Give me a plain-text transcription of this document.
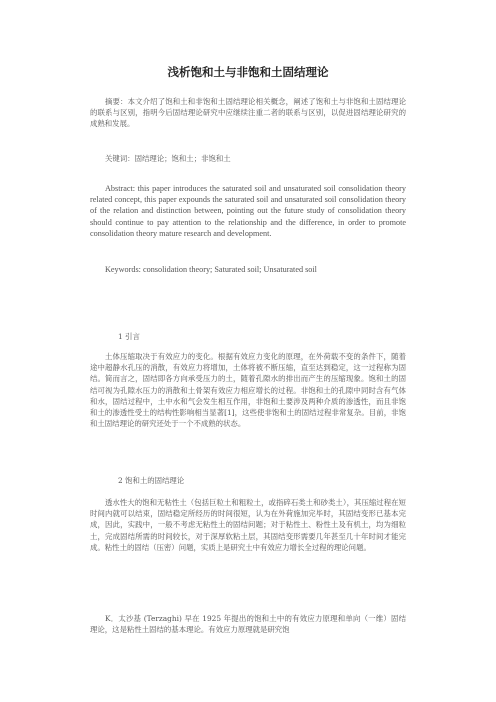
浅析饱和土与非饱和土固结理论

摘要：本文介绍了饱和土和非饱和土固结理论相关概念，阐述了饱和土与非饱和土固结理论的联系与区别，指明今后固结理论研究中应继续注重二者的联系与区别，以促进固结理论研究的成熟和发展。

关键词：固结理论；饱和土；非饱和土

Abstract: this paper introduces the saturated soil and unsaturated soil consolidation theory related concept, this paper expounds the saturated soil and unsaturated soil consolidation theory of the relation and distinction between, pointing out the future study of consolidation theory should continue to pay attention to the relationship and the difference, in order to promote consolidation theory mature research and development.

Keywords: consolidation theory; Saturated soil; Unsaturated soil

1 引言

土体压缩取决于有效应力的变化。根据有效应力变化的原理，在外荷载不变的条件下，随着途中超静水孔压的消散，有效应力将增加，土体将被不断压缩，直至达到稳定，这一过程称为固结。简而言之，固结即各方向承受压力的土，随着孔隙水的排出而产生的压缩现象。饱和土的固结可视为孔隙水压力的消散和土骨架有效应力相应增长的过程。非饱和土的孔隙中同时含有气体和水，固结过程中，土中水和气会发生相互作用，非饱和土要涉及两种介质的渗透性，而且非饱和土的渗透性受土的结构性影响相当显著[1]，这些使非饱和土的固结过程非常复杂。目前，非饱和土固结理论的研究还处于一个不成熟的状态。

2 饱和土的固结理论

透水性大的饱和无粘性土（包括巨粒土和粗粒土，或指碎石类土和砂类土），其压缩过程在短时间内就可以结束，固结稳定所经历的时间很短，认为在外荷施加完毕时，其固结变形已基本完成，因此，实践中，一般不考虑无粘性土的固结问题；对于粘性土、粉性土及有机土，均为细粒土，完成固结所需的时间较长，对于深厚软粘土层，其固结变形需要几年甚至几十年时间才能完成。粘性土的固结（压密）问题，实质上是研究土中有效应力增长全过程的理论问题。

K．太沙基 (Terzaghi) 早在 1925 年提出的饱和土中的有效应力原理和单向（一维）固结理论，这是粘性土固结的基本理论。有效应力原理就是研究饱
